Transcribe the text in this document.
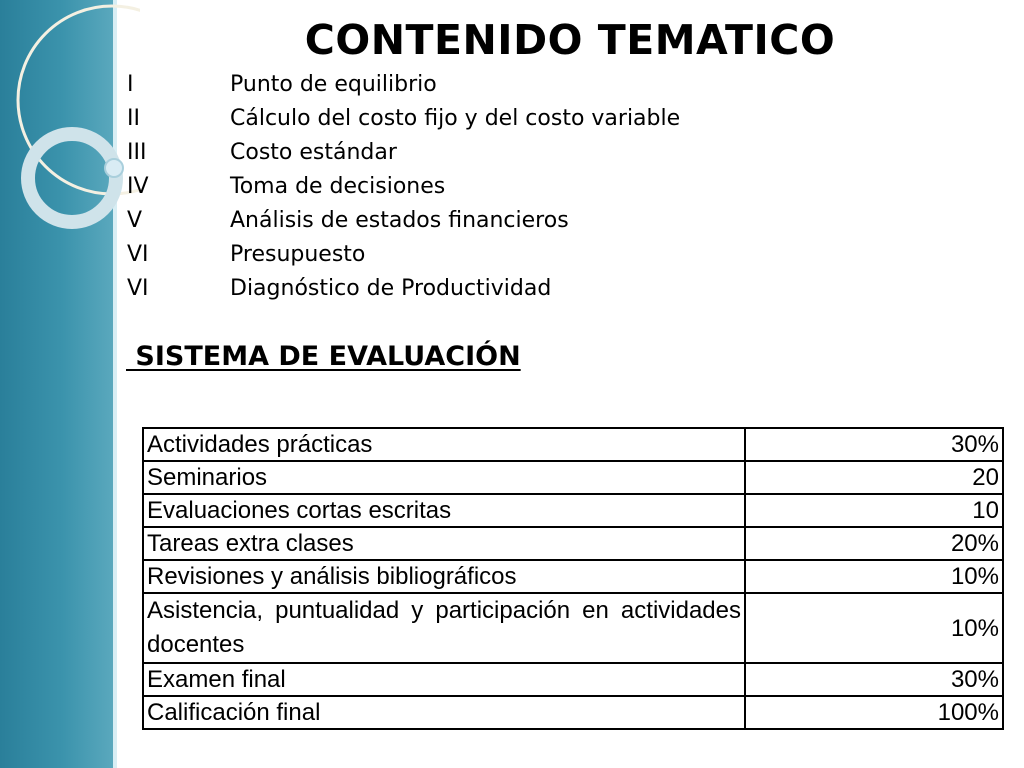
CONTENIDO TEMATICO
I	Punto de equilibrio
II	Cálculo del costo fijo y del costo variable
III	Costo estándar
IV	Toma de decisiones
V	Análisis de estados financieros
VI	Presupuesto
VI	Diagnóstico de Productividad
SISTEMA DE EVALUACIÓN
Actividades prácticas	30%
Seminarios	20
Evaluaciones cortas escritas	10
Tareas extra clases	20%
Revisiones y análisis bibliográficos	10%
Asistencia, puntualidad y participación en actividades docentes	10%
Examen final	30%
Calificación final	100%
